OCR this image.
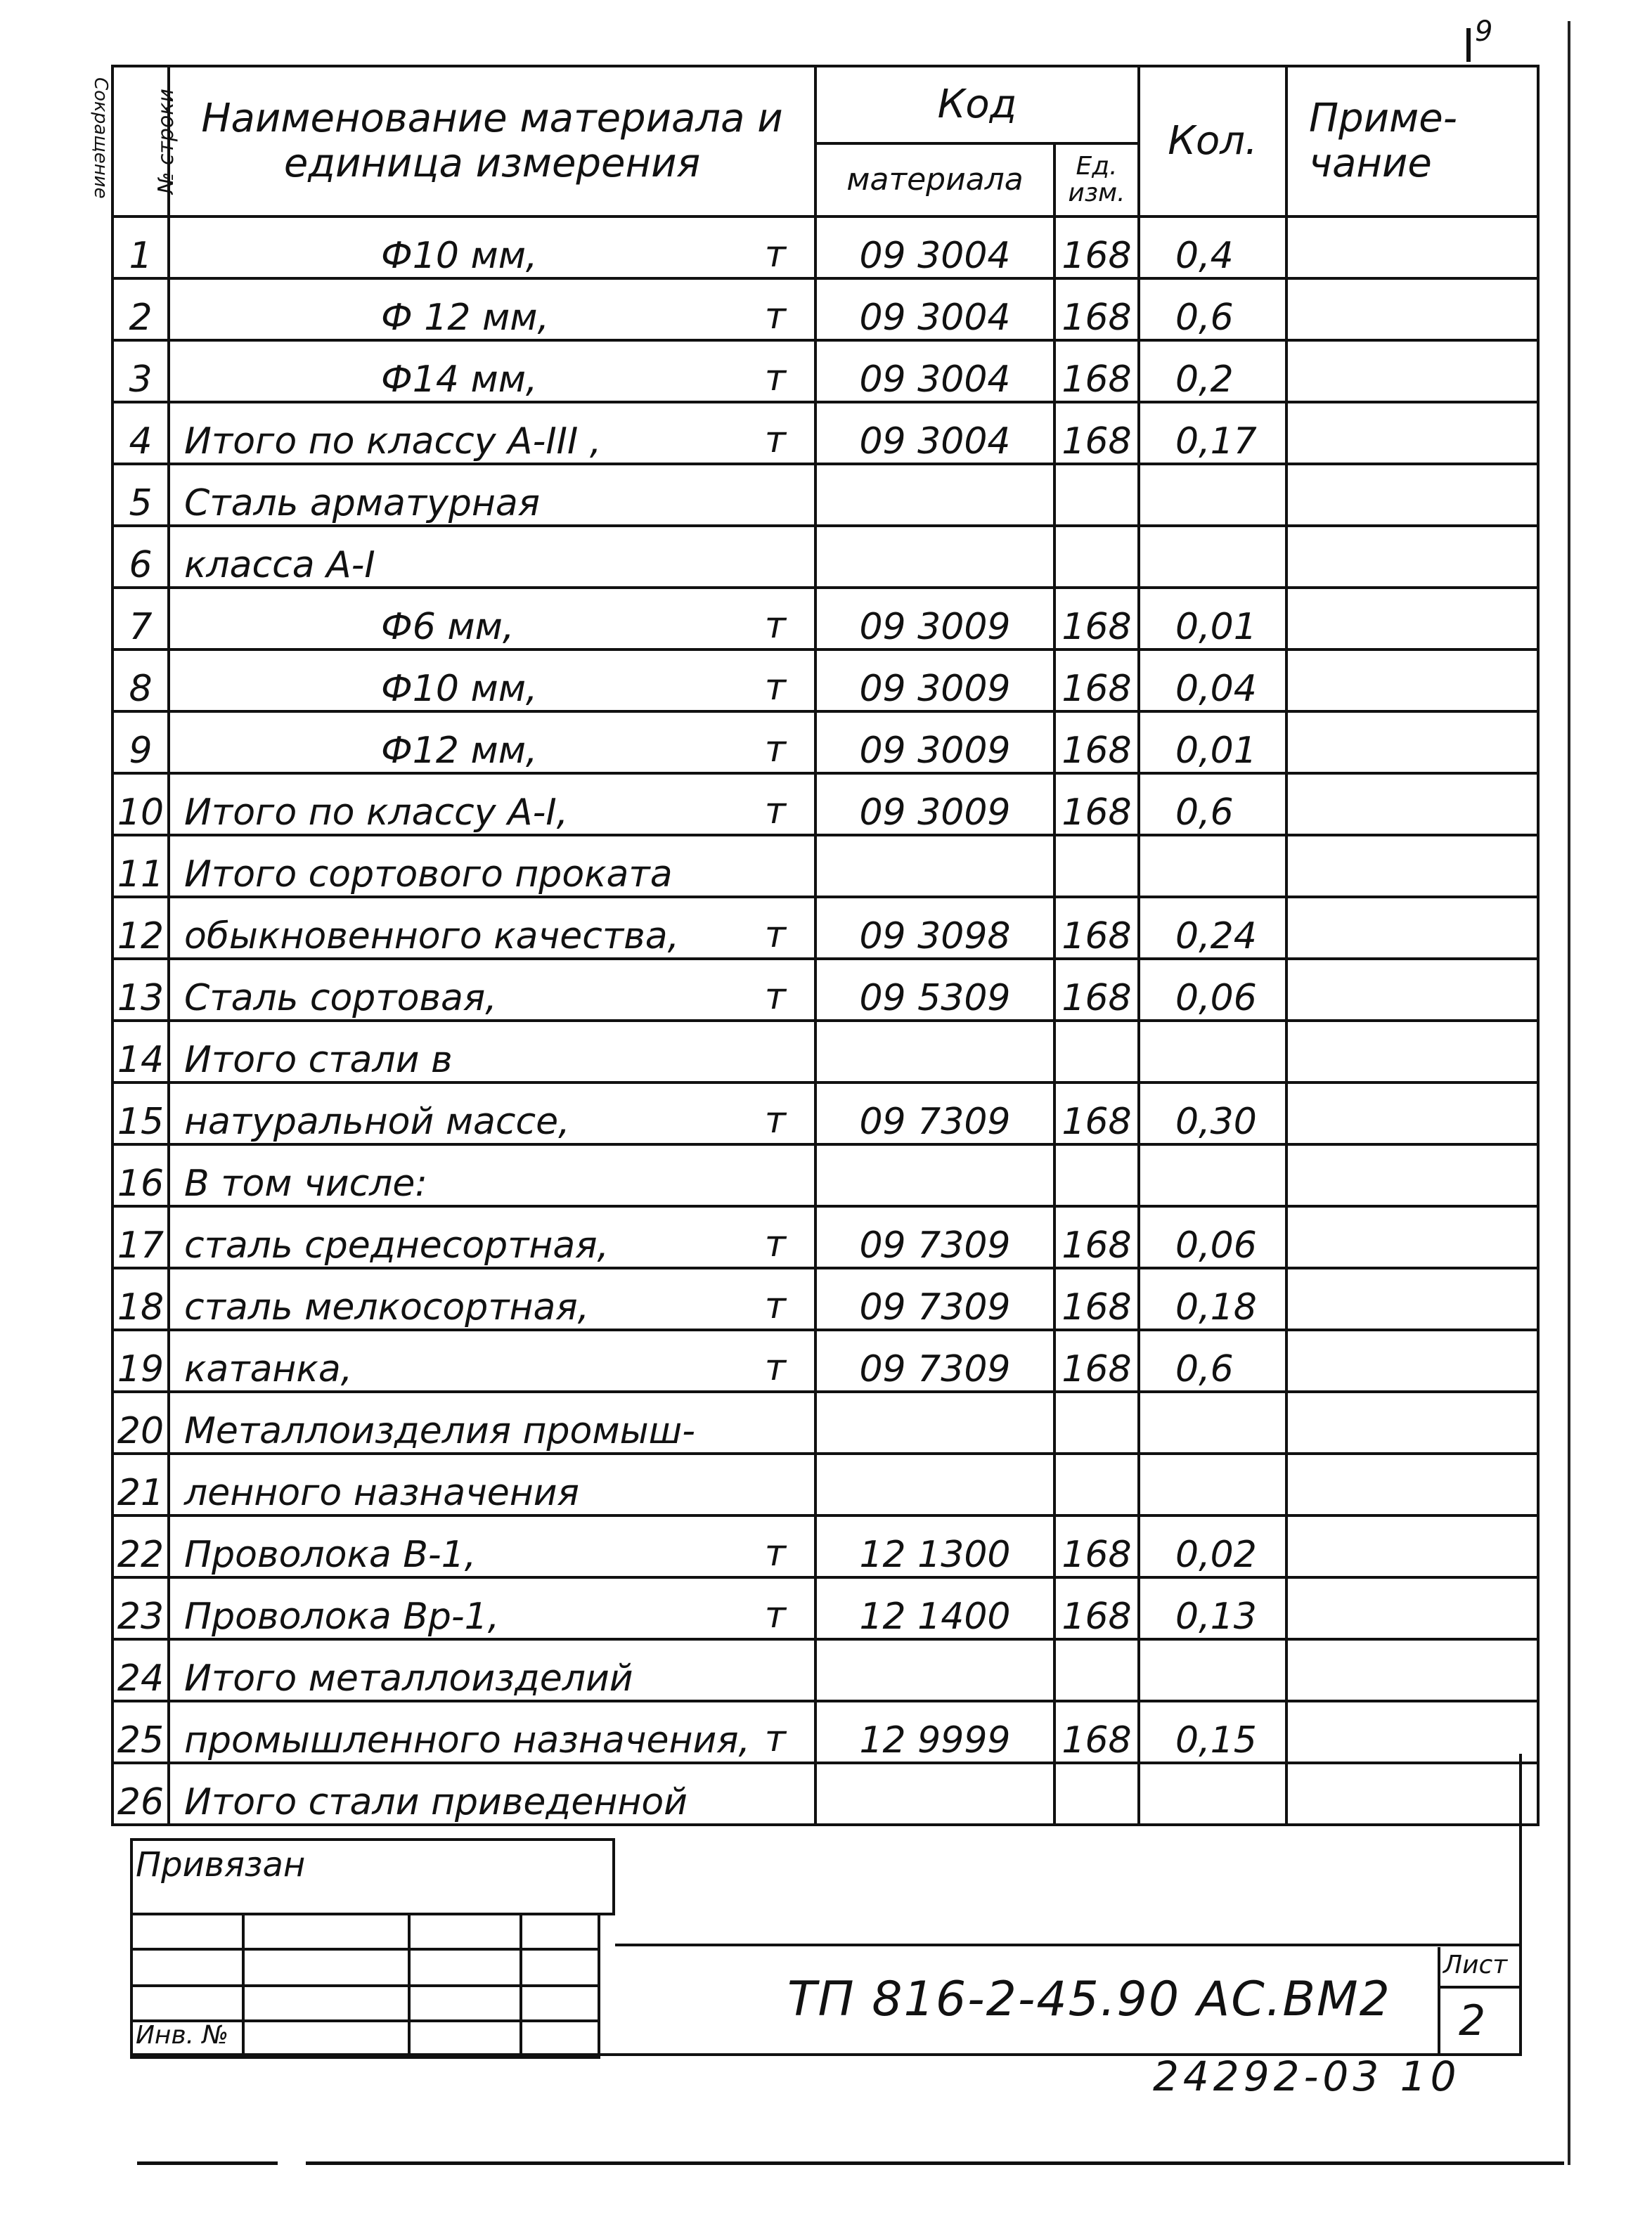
9
Сокращение № строки	Наименование материала и единица измерения	Код		Кол.	Приме-чание
		материала	Ед. изм.		
1	Ф10 мм, т	09 3004	168	0,4	
2	Ф 12 мм, т	09 3004	168	0,6	
3	Ф14 мм, т	09 3004	168	0,2	
4	Итого по классу А-III , т	09 3004	168	0,17	
5	Сталь арматурная

6	класса А-I

7	Ф6 мм, т	09 3009	168	0,01	
8	Ф10 мм, т	09 3009	168	0,04	
9	Ф12 мм, т	09 3009	168	0,01	
10	Итого по классу А-I, т	09 3009	168	0,6	
11	Итого сортового проката

12	обыкновенного качества, т	09 3098	168	0,24	
13	Сталь сортовая, т	09 5309	168	0,06	
14	Итого стали в

15	натуральной массе, т	09 7309	168	0,30	
16	В том числе:

17	сталь среднесортная, т	09 7309	168	0,06	
18	сталь мелкосортная, т	09 7309	168	0,18	
19	катанка, т	09 7309	168	0,6	
20	Металлоизделия промыш-

21	ленного назначения

22	Проволока В-1, т	12 1300	168	0,02	
23	Проволока Вр-1, т	12 1400	168	0,13	
24	Итого металлоизделий

25	промышленного назначения, т	12 9999	168	0,15	
26	Итого стали приведенной

Привязан
Инв. №
ТП 816-2-45.90 АС.ВМ2
Лист
2
24292-03 10
